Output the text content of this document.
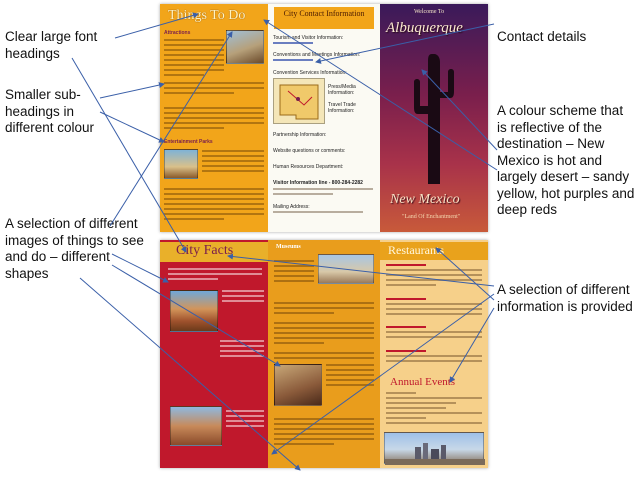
Clear large font headings
Smaller sub-headings in different colour
A selection of different images of things to see and do – different shapes
Contact details
A colour scheme that is reflective of the destination – New Mexico is hot and largely desert – sandy yellow, hot purples and deep reds
A selection of different information is provided
Things To Do
Attractions
Entertainment Parks
City Contact Information
Tourism and Visitor Information:
Conventions and Meetings Information:
Convention Services Information:
Press/Media Information:
Travel Trade Information:
Partnership Information:
Website questions or comments:
Human Resources Department:
Visitor Information line - 800-284-2282
Mailing Address:
Welcome To
Albuquerque
New Mexico
"Land Of Enchantment"
City Facts	Museums	Restaurants
Annual Events
